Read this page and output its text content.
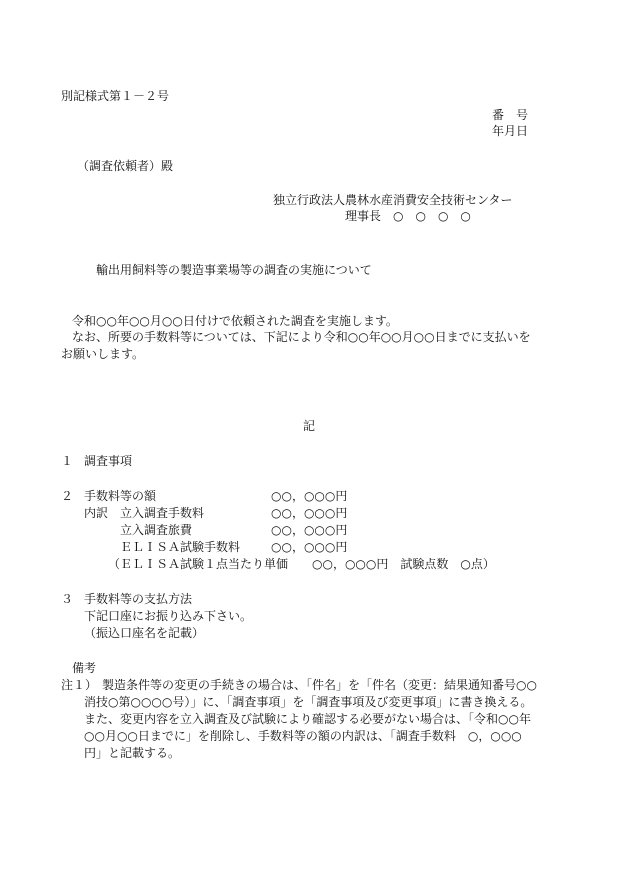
別記様式第１－２号
番　号
年月日
（調査依頼者）殿
独立行政法人農林水産消費安全技術センター
理事長　○　○　○　○
輸出用飼料等の製造事業場等の調査の実施について
令和○○年○○月○○日付けで依頼された調査を実施します。
なお、所要の手数料等については、下記により令和○○年○○月○○日までに支払いを
お願いします。
記
１ 調査事項
２ 手数料等の額	○○，○○○円
内訳 立入調査手数料	○○，○○○円
立入調査旅費	○○，○○○円
ＥＬＩＳＡ試験手数料	○○，○○○円
（ＥＬＩＳＡ試験１点当たり単価　　○○，○○○円　試験点数　○点）
３ 手数料等の支払方法
下記口座にお振り込み下さい。
（振込口座名を記載）
備考
注１） 製造条件等の変更の手続きの場合は、「件名」を「件名（変更：結果通知番号○○
消技○第○○○○号）」に、「調査事項」を「調査事項及び変更事項」に書き換える。
また、変更内容を立入調査及び試験により確認する必要がない場合は、「令和○○年
○○月○○日までに」を削除し、手数料等の額の内訳は、「調査手数料　○，○○○
円」と記載する。
